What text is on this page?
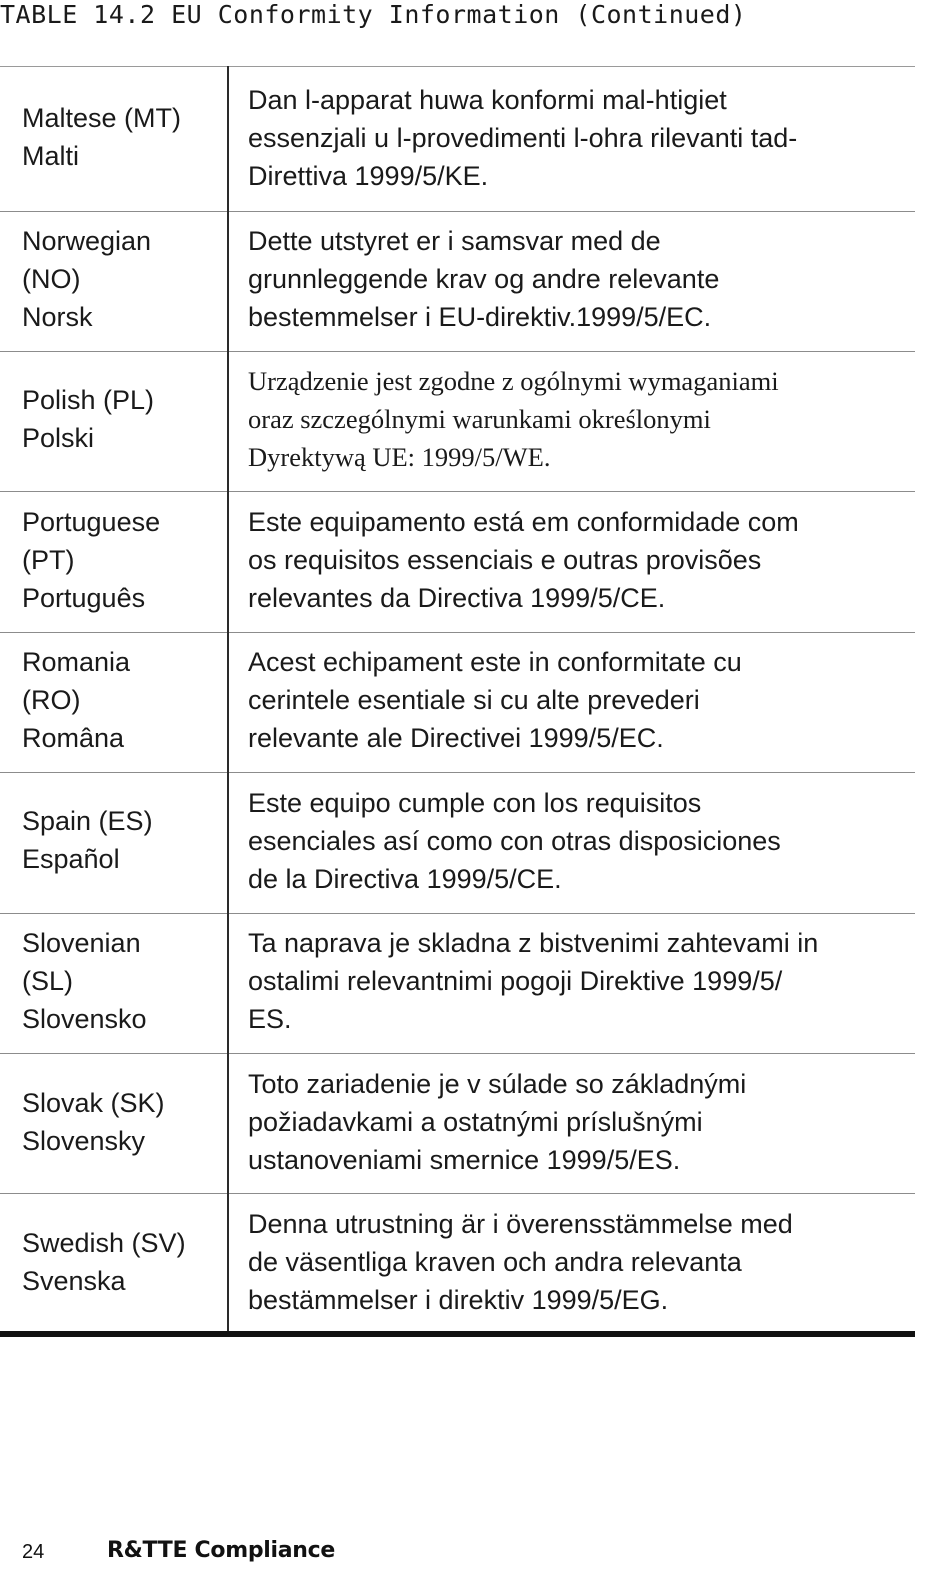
TABLE 14.2 EU Conformity Information (Continued)
Maltese (MT)
Malti
Dan l-apparat huwa konformi mal-htigiet
essenzjali u l-provedimenti l-ohra rilevanti tad-
Direttiva 1999/5/KE.
Norwegian
(NO)
Norsk
Dette utstyret er i samsvar med de
grunnleggende krav og andre relevante
bestemmelser i EU-direktiv.1999/5/EC.
Polish (PL)
Polski
Urządzenie jest zgodne z ogólnymi wymaganiami
oraz szczególnymi warunkami określonymi
Dyrektywą UE: 1999/5/WE.
Portuguese
(PT)
Português
Este equipamento está em conformidade com
os requisitos essenciais e outras provisões
relevantes da Directiva 1999/5/CE.
Romania
(RO)
Româna
Acest echipament este in conformitate cu
cerintele esentiale si cu alte prevederi
relevante ale Directivei 1999/5/EC.
Spain (ES)
Español
Este equipo cumple con los requisitos
esenciales así como con otras disposiciones
de la Directiva 1999/5/CE.
Slovenian
(SL)
Slovensko
Ta naprava je skladna z bistvenimi zahtevami in
ostalimi relevantnimi pogoji Direktive 1999/5/
ES.
Slovak (SK)
Slovensky
Toto zariadenie je v súlade so základnými
požiadavkami a ostatnými príslušnými
ustanoveniami smernice 1999/5/ES.
Swedish (SV)
Svenska
Denna utrustning är i överensstämmelse med
de väsentliga kraven och andra relevanta
bestämmelser i direktiv 1999/5/EG.
24	R&TTE Compliance
